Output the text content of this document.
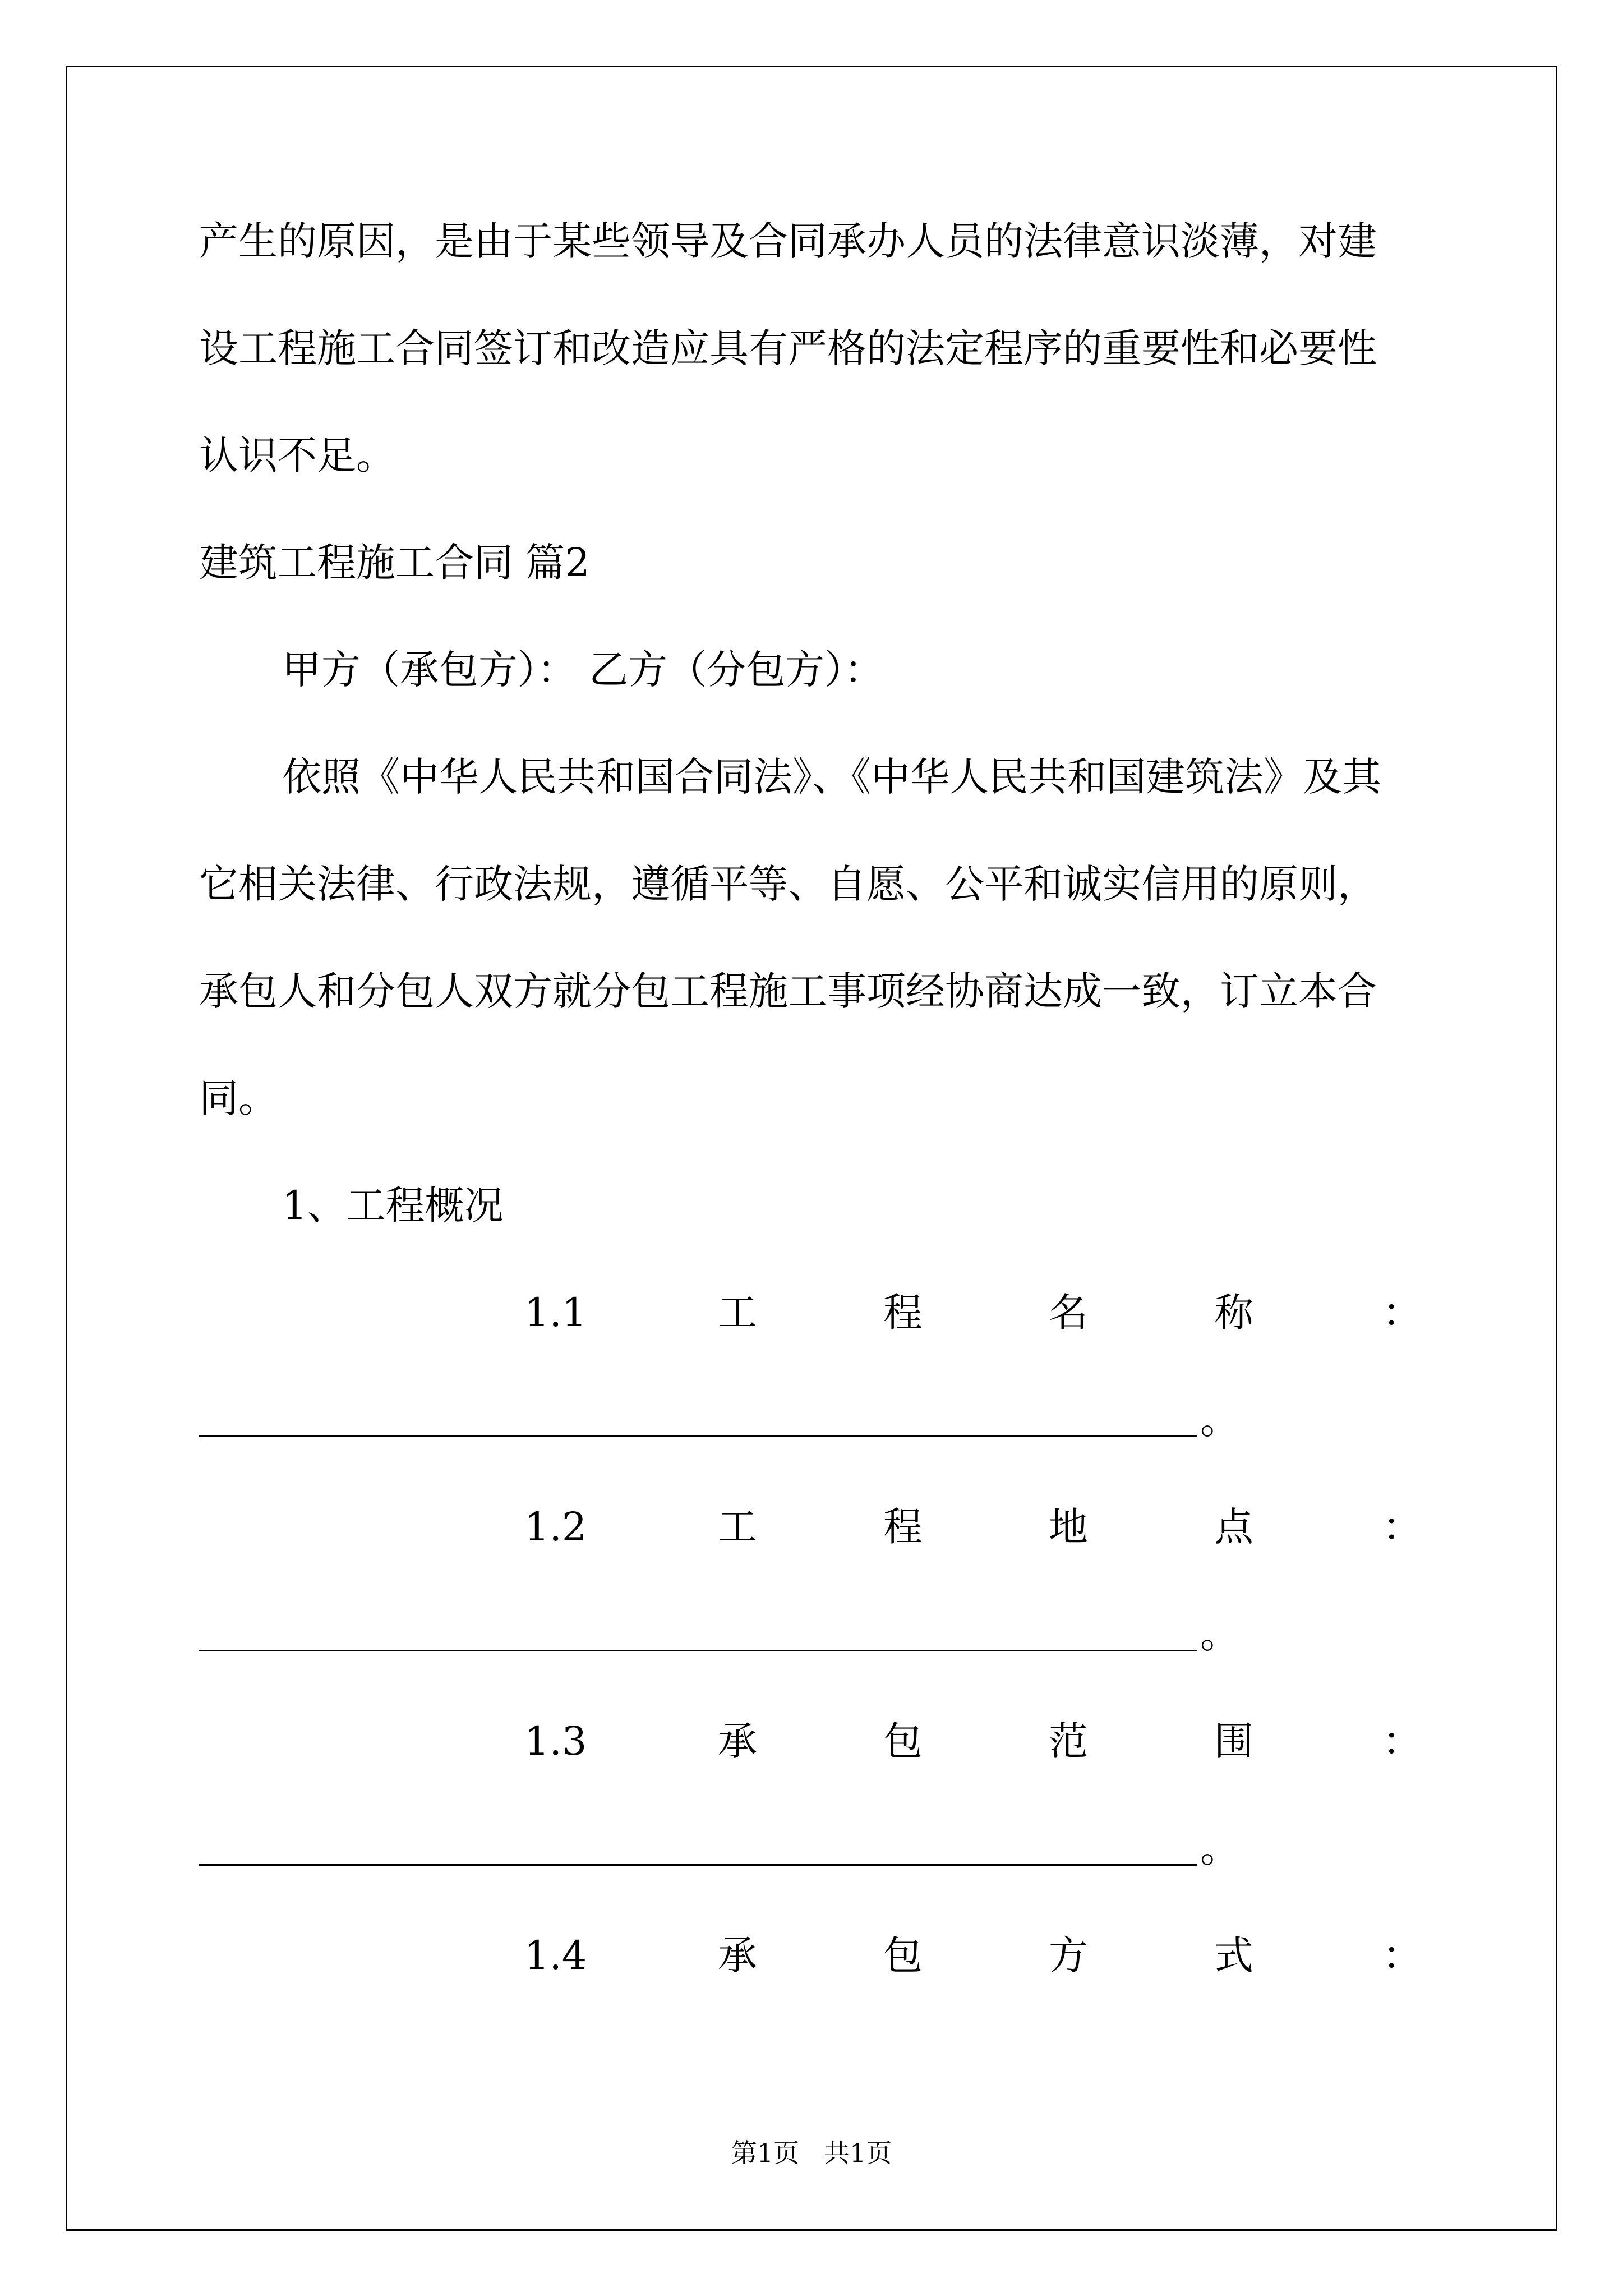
产生的原因，是由于某些领导及合同承办人员的法律意识淡薄，对建
设工程施工合同签订和改造应具有严格的法定程序的重要性和必要性
认识不足。
建筑工程施工合同 篇2
甲方（承包方）： 乙方（分包方）：
依照《中华人民共和国合同法》、《中华人民共和国建筑法》及其
它相关法律、行政法规，遵循平等、自愿、公平和诚实信用的原则，
承包人和分包人双方就分包工程施工事项经协商达成一致，订立本合
同。
1、工程概况
1.1	工	程	名	称	：
。
1.2	工	程	地	点	：
。
1.3	承	包	范	围	：
。
1.4	承	包	方	式	：
第1页 共1页
